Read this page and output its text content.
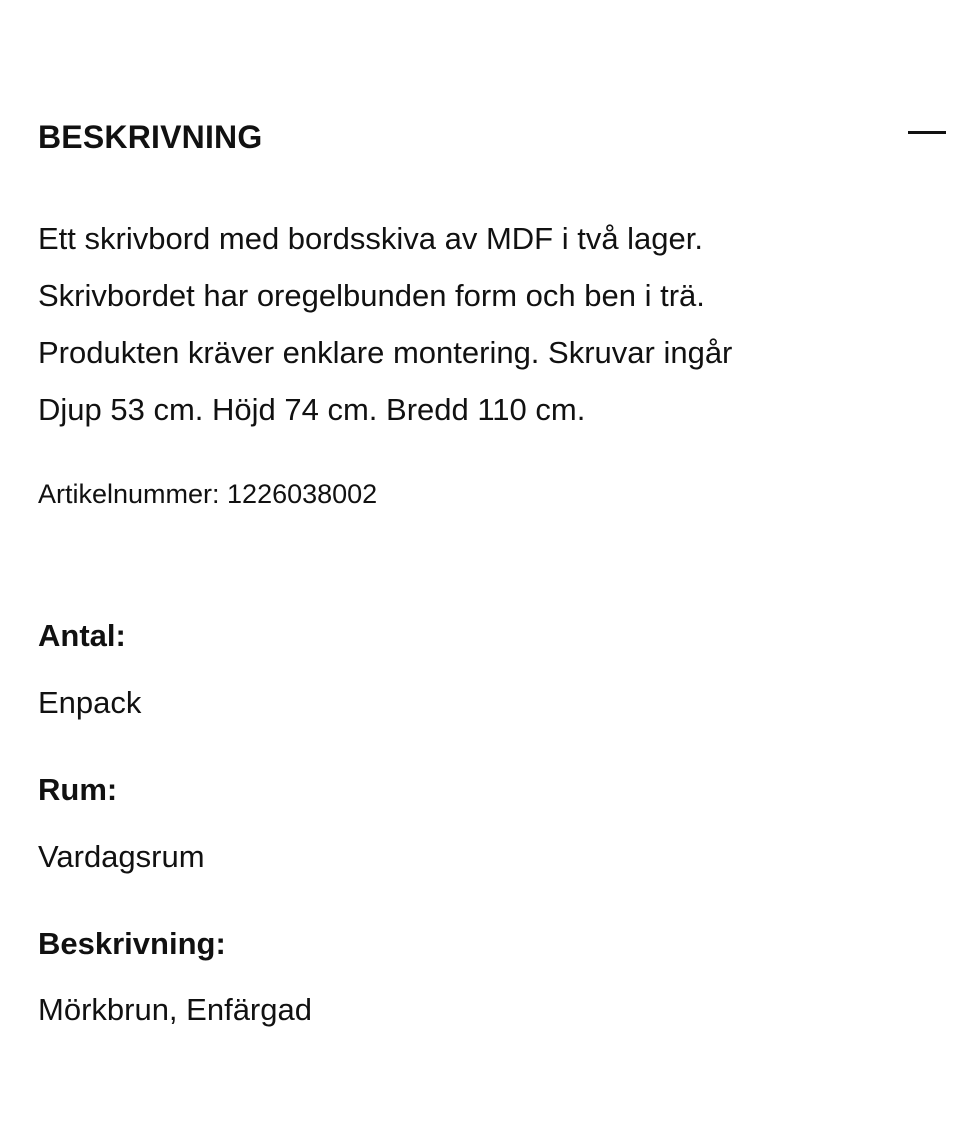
BESKRIVNING
Ett skrivbord med bordsskiva av MDF i två lager.
Skrivbordet har oregelbunden form och ben i trä.
Produkten kräver enklare montering. Skruvar ingår
Djup 53 cm. Höjd 74 cm. Bredd 110 cm.
Artikelnummer: 1226038002
Antal:
Enpack
Rum:
Vardagsrum
Beskrivning:
Mörkbrun, Enfärgad
